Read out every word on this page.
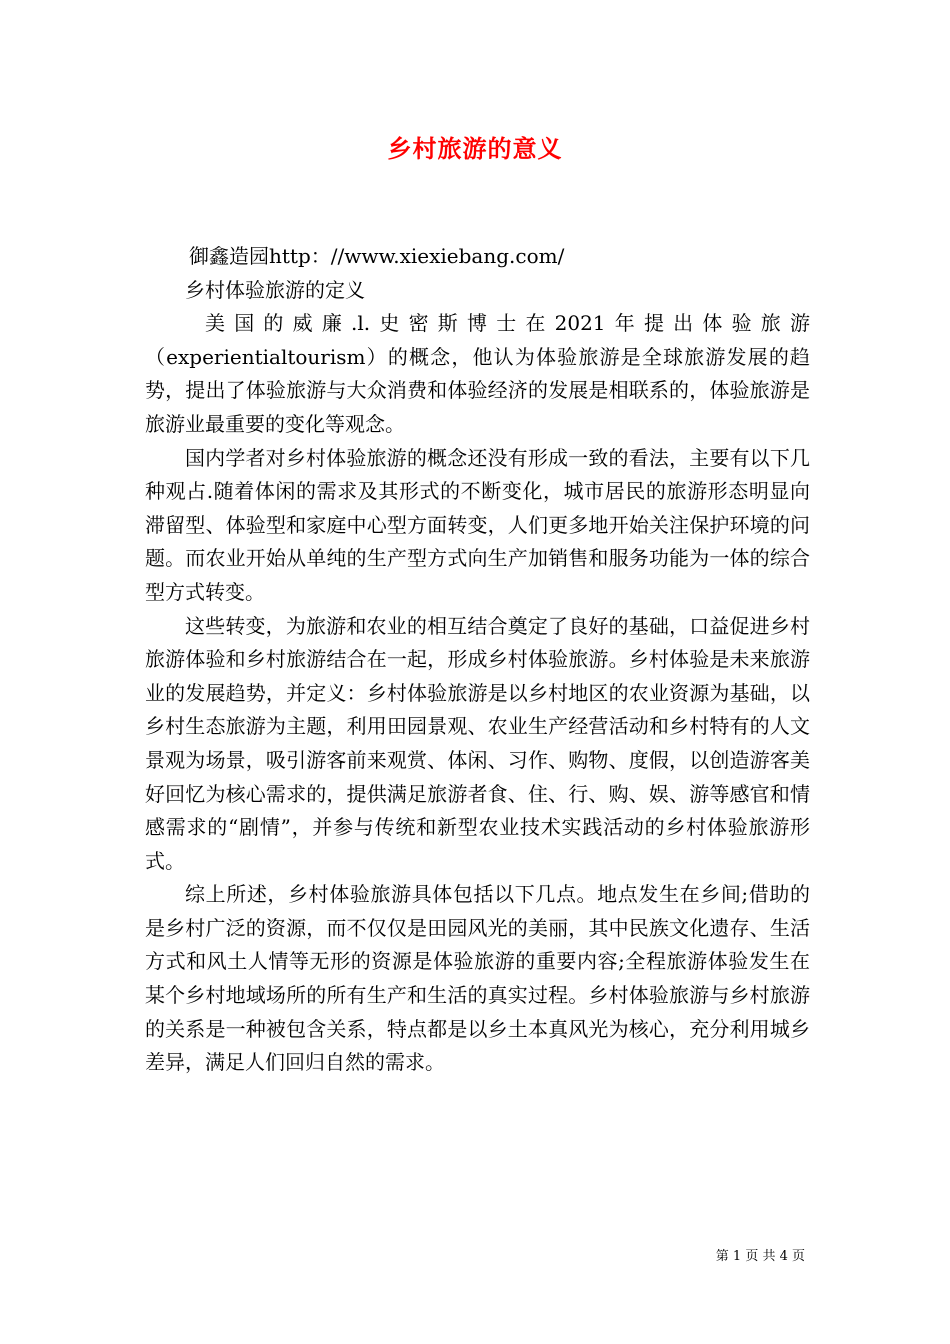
乡村旅游的意义

御鑫造园http：//www.xiexiebang.com/

乡村体验旅游的定义

美国的威廉.l.史密斯博士在2021年提出体验旅游（experientialtourism）的概念，他认为体验旅游是全球旅游发展的趋势，提出了体验旅游与大众消费和体验经济的发展是相联系的，体验旅游是旅游业最重要的变化等观念。

国内学者对乡村体验旅游的概念还没有形成一致的看法，主要有以下几种观占.随着体闲的需求及其形式的不断变化，城市居民的旅游形态明显向滞留型、体验型和家庭中心型方面转变，人们更多地开始关注保护环境的问题。而农业开始从单纯的生产型方式向生产加销售和服务功能为一体的综合型方式转变。

这些转变，为旅游和农业的相互结合奠定了良好的基础，口益促进乡村旅游体验和乡村旅游结合在一起，形成乡村体验旅游。乡村体验是未来旅游业的发展趋势，并定义：乡村体验旅游是以乡村地区的农业资源为基础，以乡村生态旅游为主题，利用田园景观、农业生产经营活动和乡村特有的人文景观为场景，吸引游客前来观赏、体闲、习作、购物、度假，以创造游客美好回忆为核心需求的，提供满足旅游者食、住、行、购、娱、游等感官和情感需求的“剧情”，并参与传统和新型农业技术实践活动的乡村体验旅游形式。

综上所述，乡村体验旅游具体包括以下几点。地点发生在乡间;借助的是乡村广泛的资源，而不仅仅是田园风光的美丽，其中民族文化遗存、生活方式和风土人情等无形的资源是体验旅游的重要内容;全程旅游体验发生在某个乡村地域场所的所有生产和生活的真实过程。乡村体验旅游与乡村旅游的关系是一种被包含关系，特点都是以乡土本真风光为核心，充分利用城乡差异，满足人们回归自然的需求。

第 1 页 共 4 页
